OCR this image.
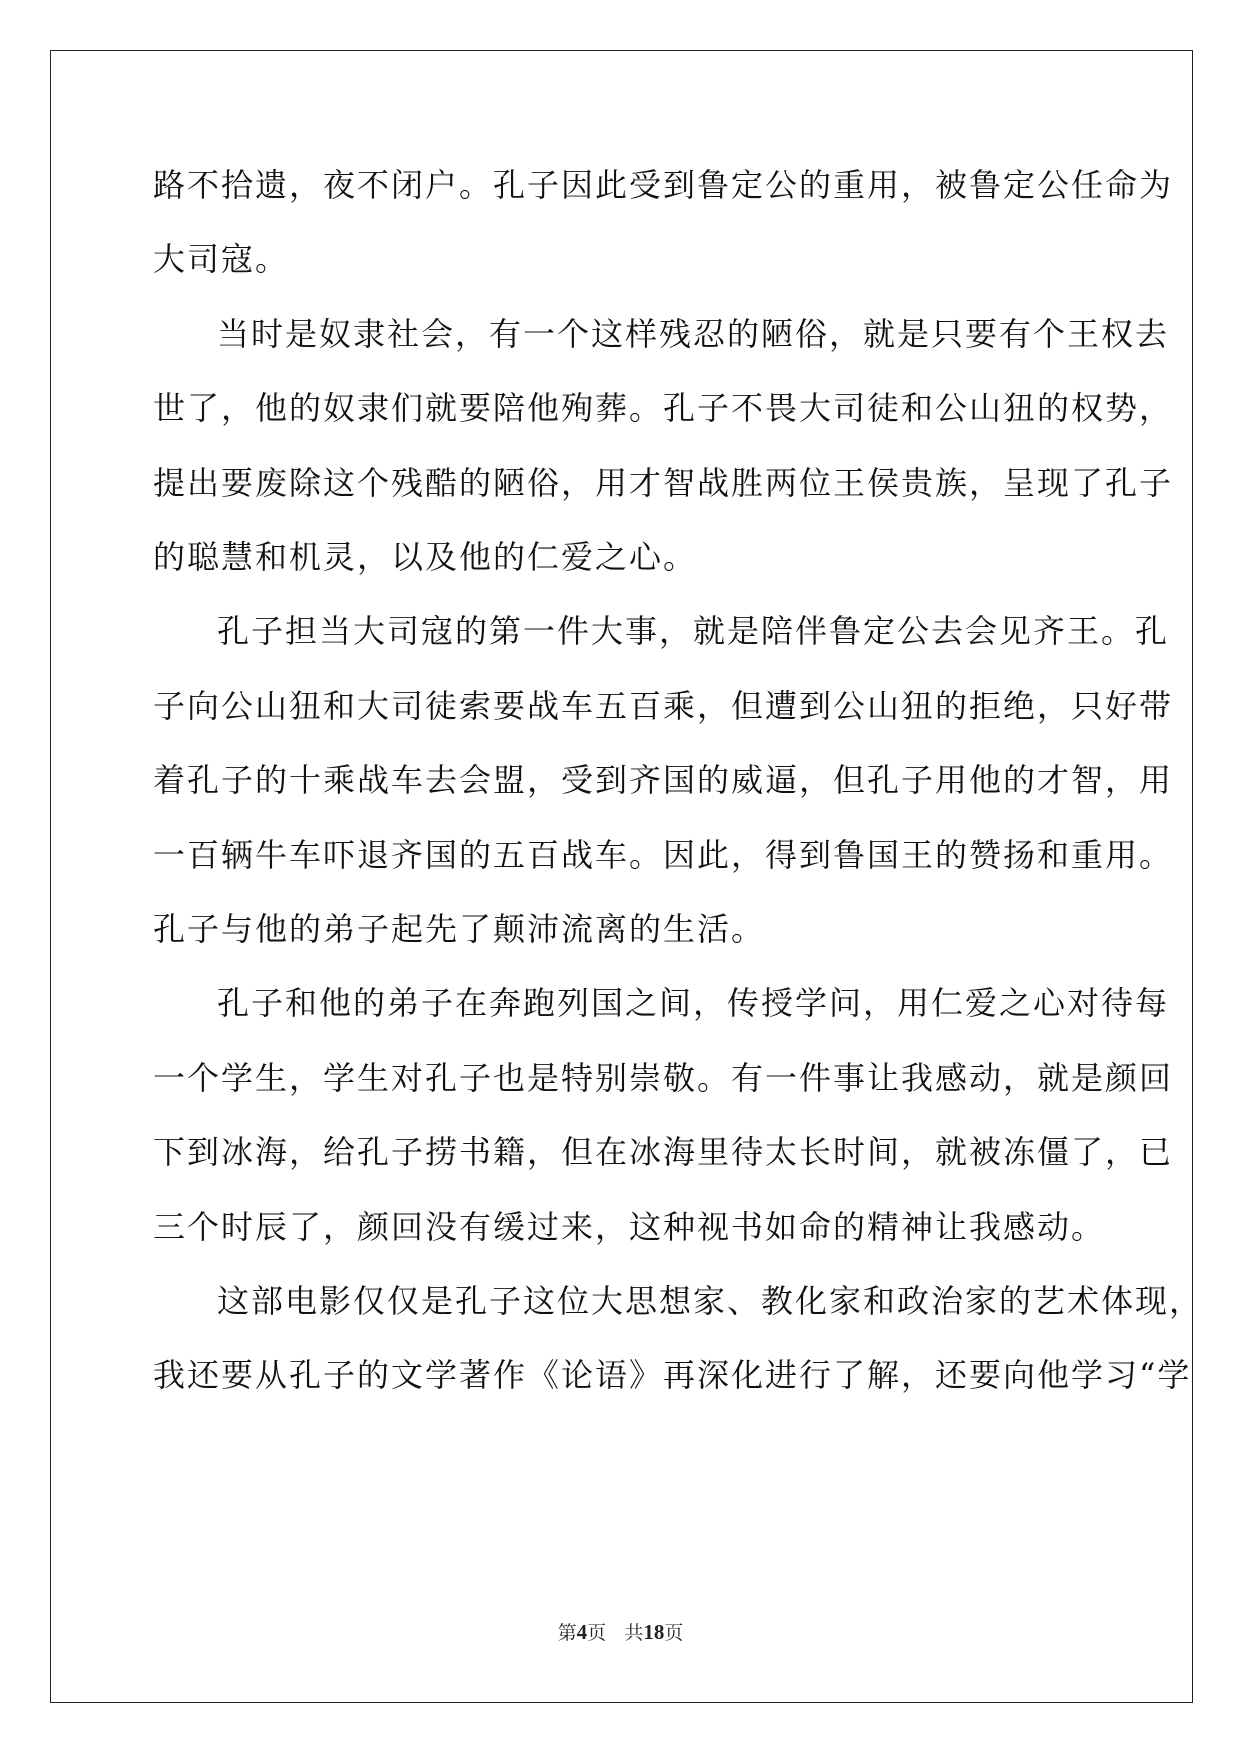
路不拾遗，夜不闭户。孔子因此受到鲁定公的重用，被鲁定公任命为
大司寇。
当时是奴隶社会，有一个这样残忍的陋俗，就是只要有个王权去
世了，他的奴隶们就要陪他殉葬。孔子不畏大司徒和公山狃的权势，
提出要废除这个残酷的陋俗，用才智战胜两位王侯贵族，呈现了孔子
的聪慧和机灵，以及他的仁爱之心。
孔子担当大司寇的第一件大事，就是陪伴鲁定公去会见齐王。孔
子向公山狃和大司徒索要战车五百乘，但遭到公山狃的拒绝，只好带
着孔子的十乘战车去会盟，受到齐国的威逼，但孔子用他的才智，用
一百辆牛车吓退齐国的五百战车。因此，得到鲁国王的赞扬和重用。
孔子与他的弟子起先了颠沛流离的生活。
孔子和他的弟子在奔跑列国之间，传授学问，用仁爱之心对待每
一个学生，学生对孔子也是特别崇敬。有一件事让我感动，就是颜回
下到冰海，给孔子捞书籍，但在冰海里待太长时间，就被冻僵了，已
三个时辰了，颜回没有缓过来，这种视书如命的精神让我感动。
这部电影仅仅是孔子这位大思想家、教化家和政治家的艺术体现，
我还要从孔子的文学著作《论语》再深化进行了解，还要向他学习“学
第4页 共18页
